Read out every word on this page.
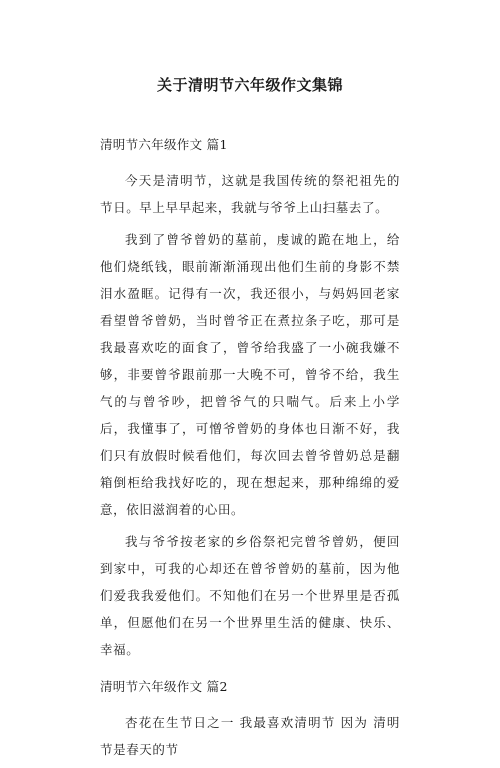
关于清明节六年级作文集锦
清明节六年级作文 篇1

今天是清明节，这就是我国传统的祭祀祖先的节日。早上早早起来，我就与爷爷上山扫墓去了。

我到了曾爷曾奶的墓前，虔诚的跪在地上，给他们烧纸钱，眼前渐渐涌现出他们生前的身影不禁泪水盈眶。记得有一次，我还很小，与妈妈回老家看望曾爷曾奶，当时曾爷正在煮拉条子吃，那可是我最喜欢吃的面食了，曾爷给我盛了一小碗我嫌不够，非要曾爷跟前那一大晚不可，曾爷不给，我生气的与曾爷吵，把曾爷气的只喘气。后来上小学后，我懂事了，可憎爷曾奶的身体也日渐不好，我们只有放假时候看他们，每次回去曾爷曾奶总是翻箱倒柜给我找好吃的，现在想起来，那种绵绵的爱意，依旧滋润着的心田。

我与爷爷按老家的乡俗祭祀完曾爷曾奶，便回到家中，可我的心却还在曾爷曾奶的墓前，因为他们爱我我爱他们。不知他们在另一个世界里是否孤单，但愿他们在另一个世界里生活的健康、快乐、幸福。

清明节六年级作文 篇2

杏花在生节日之一 我最喜欢清明节 因为 清明节是春天的节
